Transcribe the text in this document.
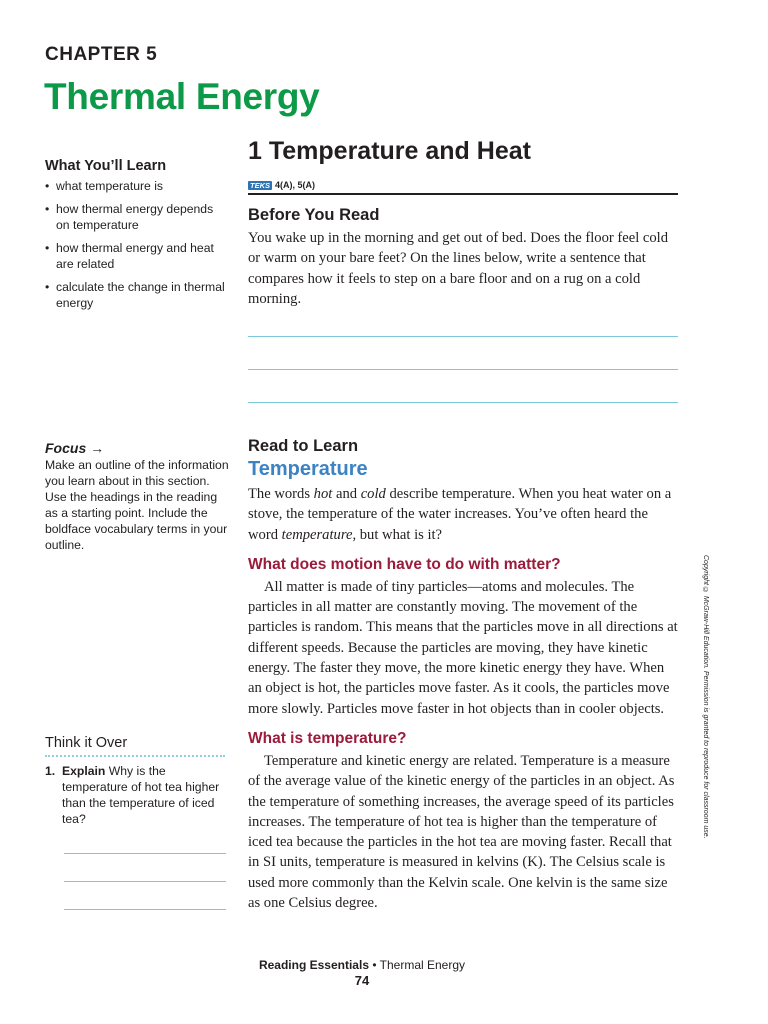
CHAPTER 5
Thermal Energy
What You’ll Learn
• what temperature is
• how thermal energy depends on temperature
• how thermal energy and heat are related
• calculate the change in thermal energy
Focus →
Make an outline of the information you learn about in this section. Use the headings in the reading as a starting point. Include the boldface vocabulary terms in your outline.
Think it Over
1. Explain Why is the temperature of hot tea higher than the temperature of iced tea?
1 Temperature and Heat
TEKS 4(A), 5(A)
Before You Read
You wake up in the morning and get out of bed. Does the floor feel cold or warm on your bare feet? On the lines below, write a sentence that compares how it feels to step on a bare floor and on a rug on a cold morning.
Read to Learn
Temperature
The words hot and cold describe temperature. When you heat water on a stove, the temperature of the water increases. You’ve often heard the word temperature, but what is it?
What does motion have to do with matter?
All matter is made of tiny particles—atoms and molecules. The particles in all matter are constantly moving. The movement of the particles is random. This means that the particles move in all directions at different speeds. Because the particles are moving, they have kinetic energy. The faster they move, the more kinetic energy they have. When an object is hot, the particles move faster. As it cools, the particles move more slowly. Particles move faster in hot objects than in cooler objects.
What is temperature?
Temperature and kinetic energy are related. Temperature is a measure of the average value of the kinetic energy of the particles in an object. As the temperature of something increases, the average speed of its particles increases. The temperature of hot tea is higher than the temperature of iced tea because the particles in the hot tea are moving faster. Recall that in SI units, temperature is measured in kelvins (K). The Celsius scale is used more commonly than the Kelvin scale. One kelvin is the same size as one Celsius degree.
Copyright © McGraw-Hill Education. Permission is granted to reproduce for classroom use.
Reading Essentials • Thermal Energy
74
